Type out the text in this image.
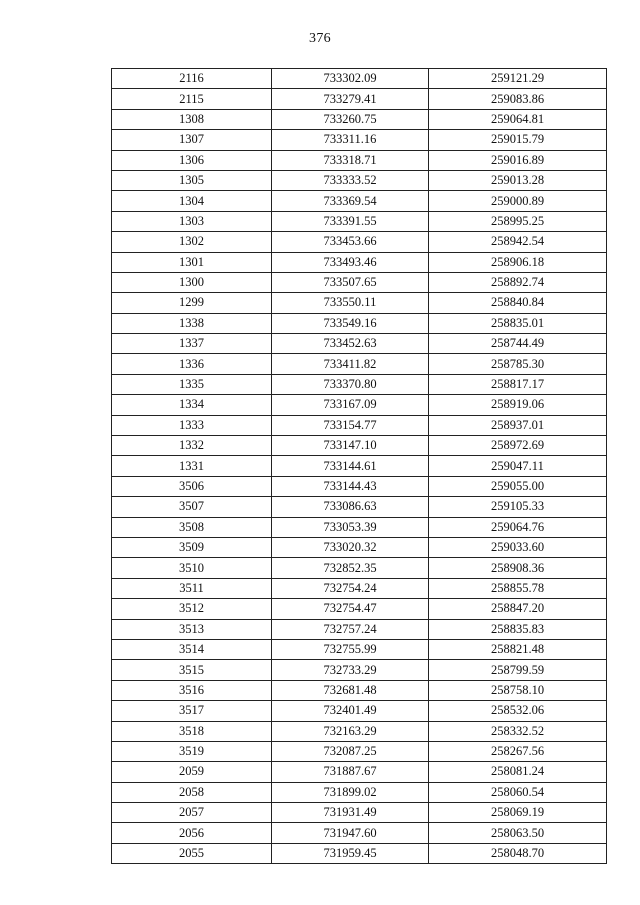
376
2116	733302.09	259121.29
2115	733279.41	259083.86
1308	733260.75	259064.81
1307	733311.16	259015.79
1306	733318.71	259016.89
1305	733333.52	259013.28
1304	733369.54	259000.89
1303	733391.55	258995.25
1302	733453.66	258942.54
1301	733493.46	258906.18
1300	733507.65	258892.74
1299	733550.11	258840.84
1338	733549.16	258835.01
1337	733452.63	258744.49
1336	733411.82	258785.30
1335	733370.80	258817.17
1334	733167.09	258919.06
1333	733154.77	258937.01
1332	733147.10	258972.69
1331	733144.61	259047.11
3506	733144.43	259055.00
3507	733086.63	259105.33
3508	733053.39	259064.76
3509	733020.32	259033.60
3510	732852.35	258908.36
3511	732754.24	258855.78
3512	732754.47	258847.20
3513	732757.24	258835.83
3514	732755.99	258821.48
3515	732733.29	258799.59
3516	732681.48	258758.10
3517	732401.49	258532.06
3518	732163.29	258332.52
3519	732087.25	258267.56
2059	731887.67	258081.24
2058	731899.02	258060.54
2057	731931.49	258069.19
2056	731947.60	258063.50
2055	731959.45	258048.70
